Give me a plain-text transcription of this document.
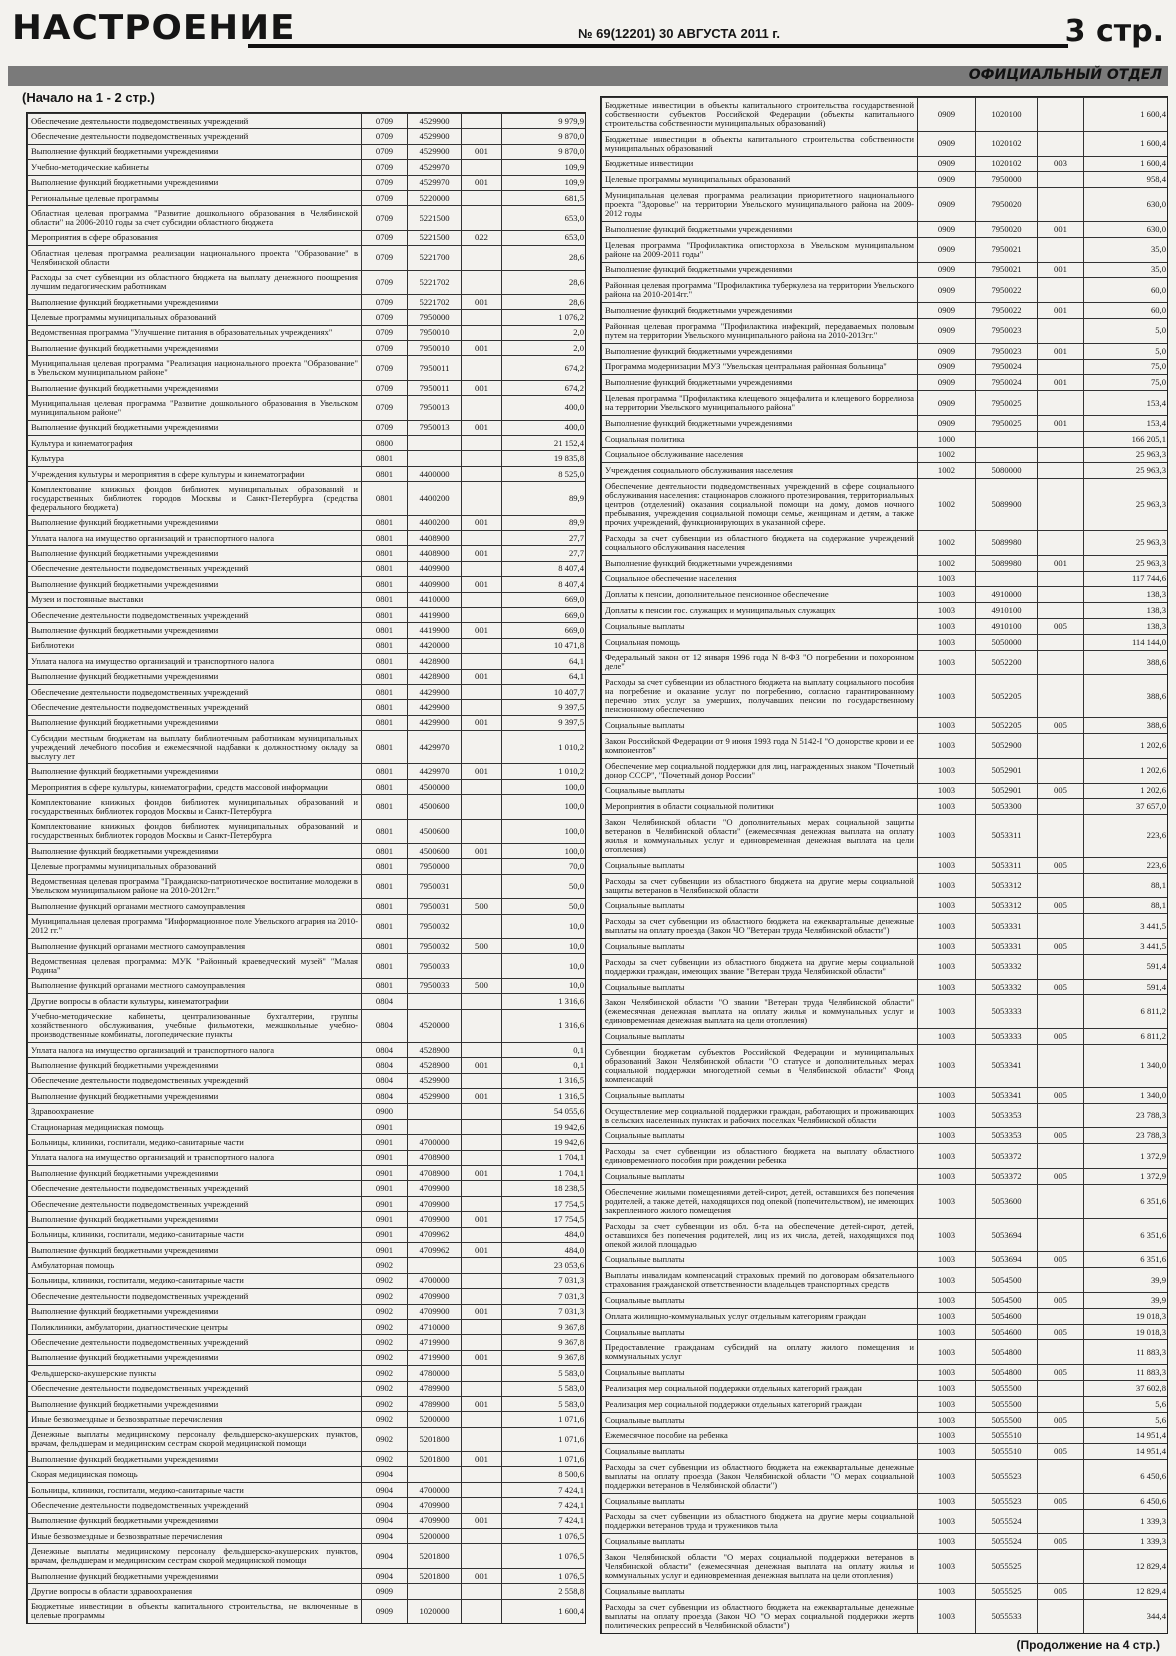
НАСТРОЕНИЕ	№ 69(12201) 30 АВГУСТА 2011 г.	3 стр.
ОФИЦИАЛЬНЫЙ ОТДЕЛ
(Начало на 1 - 2 стр.)
Обеспечение деятельности подведомственных учреждений	0709	4529900		9 979,9
Обеспечение деятельности подведомственных учреждений	0709	4529900		9 870,0
Выполнение функций бюджетными учреждениями	0709	4529900	001	9 870,0
Учебно-методические кабинеты	0709	4529970		109,9
Выполнение функций бюджетными учреждениями	0709	4529970	001	109,9
Региональные целевые программы	0709	5220000		681,5
Областная целевая программа "Развитие дошкольного образования в Челябинской области" на 2006-2010 годы за счет субсидии областного бюджета	0709	5221500		653,0
Мероприятия в сфере образования	0709	5221500	022	653,0
Областная целевая программа реализации национального проекта "Образование" в Челябинской области	0709	5221700		28,6
Расходы за счет субвенции из областного бюджета на выплату денежного поощрения лучшим педагогическим работникам	0709	5221702		28,6
Выполнение функций бюджетными учреждениями	0709	5221702	001	28,6
Целевые программы муниципальных образований	0709	7950000		1 076,2
Ведомственная программа "Улучшение питания в образовательных учреждениях"	0709	7950010		2,0
Выполнение функций бюджетными учреждениями	0709	7950010	001	2,0
Муниципальная целевая программа "Реализация национального проекта "Образование" в Увельском муниципальном районе"	0709	7950011		674,2
Выполнение функций бюджетными учреждениями	0709	7950011	001	674,2
Муниципальная целевая программа "Развитие дошкольного образования в Увельском муниципальном районе"	0709	7950013		400,0
Выполнение функций бюджетными учреждениями	0709	7950013	001	400,0
Культура и кинематография	0800			21 152,4
Культура	0801			19 835,8
Учреждения культуры и мероприятия в сфере культуры и кинематографии	0801	4400000		8 525,0
Комплектование книжных фондов библиотек муниципальных образований и государственных библиотек городов Москвы и Санкт-Петербурга (средства федерального бюджета)	0801	4400200		89,9
Выполнение функций бюджетными учреждениями	0801	4400200	001	89,9
Уплата налога на имущество организаций и транспортного налога	0801	4408900		27,7
Выполнение функций бюджетными учреждениями	0801	4408900	001	27,7
Обеспечение деятельности подведомственных учреждений	0801	4409900		8 407,4
Выполнение функций бюджетными учреждениями	0801	4409900	001	8 407,4
Музеи и постоянные выставки	0801	4410000		669,0
Обеспечение деятельности подведомственных учреждений	0801	4419900		669,0
Выполнение функций бюджетными учреждениями	0801	4419900	001	669,0
Библиотеки	0801	4420000		10 471,8
Уплата налога на имущество организаций и транспортного налога	0801	4428900		64,1
Выполнение функций бюджетными учреждениями	0801	4428900	001	64,1
Обеспечение деятельности подведомственных учреждений	0801	4429900		10 407,7
Обеспечение деятельности подведомственных учреждений	0801	4429900		9 397,5
Выполнение функций бюджетными учреждениями	0801	4429900	001	9 397,5
Субсидии местным бюджетам на выплату библиотечным работникам муниципальных учреждений лечебного пособия и ежемесячной надбавки к должностному окладу за выслугу лет	0801	4429970		1 010,2
Выполнение функций бюджетными учреждениями	0801	4429970	001	1 010,2
Мероприятия в сфере культуры, кинематографии, средств массовой информации	0801	4500000		100,0
Комплектование книжных фондов библиотек муниципальных образований и государственных библиотек городов Москвы и Санкт-Петербурга	0801	4500600		100,0
Комплектование книжных фондов библиотек муниципальных образований и государственных библиотек городов Москвы и Санкт-Петербурга	0801	4500600		100,0
Выполнение функций бюджетными учреждениями	0801	4500600	001	100,0
Целевые программы муниципальных образований	0801	7950000		70,0
Ведомственная целевая программа "Гражданско-патриотическое воспитание молодежи в Увельском муниципальном районе на 2010-2012гг."	0801	7950031		50,0
Выполнение функций органами местного самоуправления	0801	7950031	500	50,0
Муниципальная целевая программа "Информационное поле Увельского агрария на 2010-2012 гг."	0801	7950032		10,0
Выполнение функций органами местного самоуправления	0801	7950032	500	10,0
Ведомственная целевая программа: МУК "Районный краеведческий музей" "Малая Родина"	0801	7950033		10,0
Выполнение функций органами местного самоуправления	0801	7950033	500	10,0
Другие вопросы в области культуры, кинематографии	0804			1 316,6
Учебно-методические кабинеты, централизованные бухгалтерии, группы хозяйственного обслуживания, учебные фильмотеки, межшкольные учебно-производственные комбинаты, логопедические пункты	0804	4520000		1 316,6
Уплата налога на имущество организаций и транспортного налога	0804	4528900		0,1
Выполнение функций бюджетными учреждениями	0804	4528900	001	0,1
Обеспечение деятельности подведомственных учреждений	0804	4529900		1 316,5
Выполнение функций бюджетными учреждениями	0804	4529900	001	1 316,5
Здравоохранение	0900			54 055,6
Стационарная медицинская помощь	0901			19 942,6
Больницы, клиники, госпитали, медико-санитарные части	0901	4700000		19 942,6
Уплата налога на имущество организаций и транспортного налога	0901	4708900		1 704,1
Выполнение функций бюджетными учреждениями	0901	4708900	001	1 704,1
Обеспечение деятельности подведомственных учреждений	0901	4709900		18 238,5
Обеспечение деятельности подведомственных учреждений	0901	4709900		17 754,5
Выполнение функций бюджетными учреждениями	0901	4709900	001	17 754,5
Больницы, клиники, госпитали, медико-санитарные части	0901	4709962		484,0
Выполнение функций бюджетными учреждениями	0901	4709962	001	484,0
Амбулаторная помощь	0902			23 053,6
Больницы, клиники, госпитали, медико-санитарные части	0902	4700000		7 031,3
Обеспечение деятельности подведомственных учреждений	0902	4709900		7 031,3
Выполнение функций бюджетными учреждениями	0902	4709900	001	7 031,3
Поликлиники, амбулатории, диагностические центры	0902	4710000		9 367,8
Обеспечение деятельности подведомственных учреждений	0902	4719900		9 367,8
Выполнение функций бюджетными учреждениями	0902	4719900	001	9 367,8
Фельдшерско-акушерские пункты	0902	4780000		5 583,0
Обеспечение деятельности подведомственных учреждений	0902	4789900		5 583,0
Выполнение функций бюджетными учреждениями	0902	4789900	001	5 583,0
Иные безвозмездные и безвозвратные перечисления	0902	5200000		1 071,6
Денежные выплаты медицинскому персоналу фельдшерско-акушерских пунктов, врачам, фельдшерам и медицинским сестрам скорой медицинской помощи	0902	5201800		1 071,6
Выполнение функций бюджетными учреждениями	0902	5201800	001	1 071,6
Скорая медицинская помощь	0904			8 500,6
Больницы, клиники, госпитали, медико-санитарные части	0904	4700000		7 424,1
Обеспечение деятельности подведомственных учреждений	0904	4709900		7 424,1
Выполнение функций бюджетными учреждениями	0904	4709900	001	7 424,1
Иные безвозмездные и безвозвратные перечисления	0904	5200000		1 076,5
Денежные выплаты медицинскому персоналу фельдшерско-акушерских пунктов, врачам, фельдшерам и медицинским сестрам скорой медицинской помощи	0904	5201800		1 076,5
Выполнение функций бюджетными учреждениями	0904	5201800	001	1 076,5
Другие вопросы в области здравоохранения	0909			2 558,8
Бюджетные инвестиции в объекты капитального строительства, не включенные в целевые программы	0909	1020000		1 600,4
Бюджетные инвестиции в объекты капитального строительства государственной собственности субъектов Российской Федерации (объекты капитального строительства собственности муниципальных образований)	0909	1020100		1 600,4
Бюджетные инвестиции в объекты капитального строительства собственности муниципальных образований	0909	1020102		1 600,4
Бюджетные инвестиции	0909	1020102	003	1 600,4
Целевые программы муниципальных образований	0909	7950000		958,4
Муниципальная целевая программа реализации приоритетного национального проекта "Здоровье" на территории Увельского муниципального района на 2009-2012 годы	0909	7950020		630,0
Выполнение функций бюджетными учреждениями	0909	7950020	001	630,0
Целевая программа "Профилактика описторхоза в Увельском муниципальном районе на 2009-2011 годы"	0909	7950021		35,0
Выполнение функций бюджетными учреждениями	0909	7950021	001	35,0
Районная целевая программа "Профилактика туберкулеза на территории Увельского района на 2010-2014гг."	0909	7950022		60,0
Выполнение функций бюджетными учреждениями	0909	7950022	001	60,0
Районная целевая программа "Профилактика инфекций, передаваемых половым путем на территории Увельского муниципального района на 2010-2013гг."	0909	7950023		5,0
Выполнение функций бюджетными учреждениями	0909	7950023	001	5,0
Программа модернизации МУЗ "Увельская центральная районная больница"	0909	7950024		75,0
Выполнение функций бюджетными учреждениями	0909	7950024	001	75,0
Целевая программа "Профилактика клещевого энцефалита и клещевого боррелиоза на территории Увельского муниципального района"	0909	7950025		153,4
Выполнение функций бюджетными учреждениями	0909	7950025	001	153,4
Социальная политика	1000			166 205,1
Социальное обслуживание населения	1002			25 963,3
Учреждения социального обслуживания населения	1002	5080000		25 963,3
Обеспечение деятельности подведомственных учреждений в сфере социального обслуживания населения: стационаров сложного протезирования, территориальных центров (отделений) оказания социальной помощи на дому, домов ночного пребывания, учреждения социальной помощи семье, женщинам и детям, а также прочих учреждений, функционирующих в указанной сфере.	1002	5089900		25 963,3
Расходы за счет субвенции из областного бюджета на содержание учреждений социального обслуживания населения	1002	5089980		25 963,3
Выполнение функций бюджетными учреждениями	1002	5089980	001	25 963,3
Социальное обеспечение населения	1003			117 744,6
Доплаты к пенсии, дополнительное пенсионное обеспечение	1003	4910000		138,3
Доплаты к пенсии гос. служащих и муниципальных служащих	1003	4910100		138,3
Социальные выплаты	1003	4910100	005	138,3
Социальная помощь	1003	5050000		114 144,0
Федеральный закон от 12 января 1996 года N 8-ФЗ "О погребении и похоронном деле"	1003	5052200		388,6
Расходы за счет субвенции из областного бюджета на выплату социального пособия на погребение и оказание услуг по погребению, согласно гарантированному перечню этих услуг за умерших, получавших пенсии по государственному пенсионному обеспечению	1003	5052205		388,6
Социальные выплаты	1003	5052205	005	388,6
Закон Российской Федерации от 9 июня 1993 года N 5142-I "О донорстве крови и ее компонентов"	1003	5052900		1 202,6
Обеспечение мер социальной поддержки для лиц, награжденных знаком "Почетный донор СССР", "Почетный донор России"	1003	5052901		1 202,6
Социальные выплаты	1003	5052901	005	1 202,6
Мероприятия в области социальной политики	1003	5053300		37 657,0
Закон Челябинской области "О дополнительных мерах социальной защиты ветеранов в Челябинской области" (ежемесячная денежная выплата на оплату жилья и коммунальных услуг и единовременная денежная выплата на цели отопления)	1003	5053311		223,6
Социальные выплаты	1003	5053311	005	223,6
Расходы за счет субвенции из областного бюджета на другие меры социальной защиты ветеранов в Челябинской области	1003	5053312		88,1
Социальные выплаты	1003	5053312	005	88,1
Расходы за счет субвенции из областного бюджета на ежеквартальные денежные выплаты на оплату проезда (Закон ЧО "Ветеран труда Челябинской области")	1003	5053331		3 441,5
Социальные выплаты	1003	5053331	005	3 441,5
Расходы за счет субвенции из областного бюджета на другие меры социальной поддержки граждан, имеющих звание "Ветеран труда Челябинской области"	1003	5053332		591,4
Социальные выплаты	1003	5053332	005	591,4
Закон Челябинской области "О звании "Ветеран труда Челябинской области" (ежемесячная денежная выплата на оплату жилья и коммунальных услуг и единовременная денежная выплата на цели отопления)	1003	5053333		6 811,2
Социальные выплаты	1003	5053333	005	6 811,2
Субвенции бюджетам субъектов Российской Федерации и муниципальных образований Закон Челябинской области "О статусе и дополнительных мерах социальной поддержки многодетной семьи в Челябинской области" Фонд компенсаций	1003	5053341		1 340,0
Социальные выплаты	1003	5053341	005	1 340,0
Осуществление мер социальной поддержки граждан, работающих и проживающих в сельских населенных пунктах и рабочих поселках Челябинской области	1003	5053353		23 788,3
Социальные выплаты	1003	5053353	005	23 788,3
Расходы за счет субвенции из областного бюджета на выплату областного единовременного пособия при рождении ребенка	1003	5053372		1 372,9
Социальные выплаты	1003	5053372	005	1 372,9
Обеспечение жилыми помещениями детей-сирот, детей, оставшихся без попечения родителей, а также детей, находящихся под опекой (попечительством), не имеющих закрепленного жилого помещения	1003	5053600		6 351,6
Расходы за счет субвенции из обл. б-та на обеспечение детей-сирот, детей, оставшихся без попечения родителей, лиц из их числа, детей, находящихся под опекой жилой площадью	1003	5053694		6 351,6
Социальные выплаты	1003	5053694	005	6 351,6
Выплаты инвалидам компенсаций страховых премий по договорам обязательного страхования гражданской ответственности владельцев транспортных средств	1003	5054500		39,9
Социальные выплаты	1003	5054500	005	39,9
Оплата жилищно-коммунальных услуг отдельным категориям граждан	1003	5054600		19 018,3
Социальные выплаты	1003	5054600	005	19 018,3
Предоставление гражданам субсидий на оплату жилого помещения и коммунальных услуг	1003	5054800		11 883,3
Социальные выплаты	1003	5054800	005	11 883,3
Реализация мер социальной поддержки отдельных категорий граждан	1003	5055500		37 602,8
Реализация мер социальной поддержки отдельных категорий граждан	1003	5055500		5,6
Социальные выплаты	1003	5055500	005	5,6
Ежемесячное пособие на ребенка	1003	5055510		14 951,4
Социальные выплаты	1003	5055510	005	14 951,4
Расходы за счет субвенции из областного бюджета на ежеквартальные денежные выплаты на оплату проезда (Закон Челябинской области "О мерах социальной поддержки ветеранов в Челябинской области")	1003	5055523		6 450,6
Социальные выплаты	1003	5055523	005	6 450,6
Расходы за счет субвенции из областного бюджета на другие меры социальной поддержки ветеранов труда и тружеников тыла	1003	5055524		1 339,3
Социальные выплаты	1003	5055524	005	1 339,3
Закон Челябинской области "О мерах социальной поддержки ветеранов в Челябинской области" (ежемесячная денежная выплата на оплату жилья и коммунальных услуг и единовременная денежная выплата на цели отопления)	1003	5055525		12 829,4
Социальные выплаты	1003	5055525	005	12 829,4
Расходы за счет субвенции из областного бюджета на ежеквартальные денежные выплаты на оплату проезда (Закон ЧО "О мерах социальной поддержки жертв политических репрессий в Челябинской области")	1003	5055533		344,4
(Продолжение на 4 стр.)
